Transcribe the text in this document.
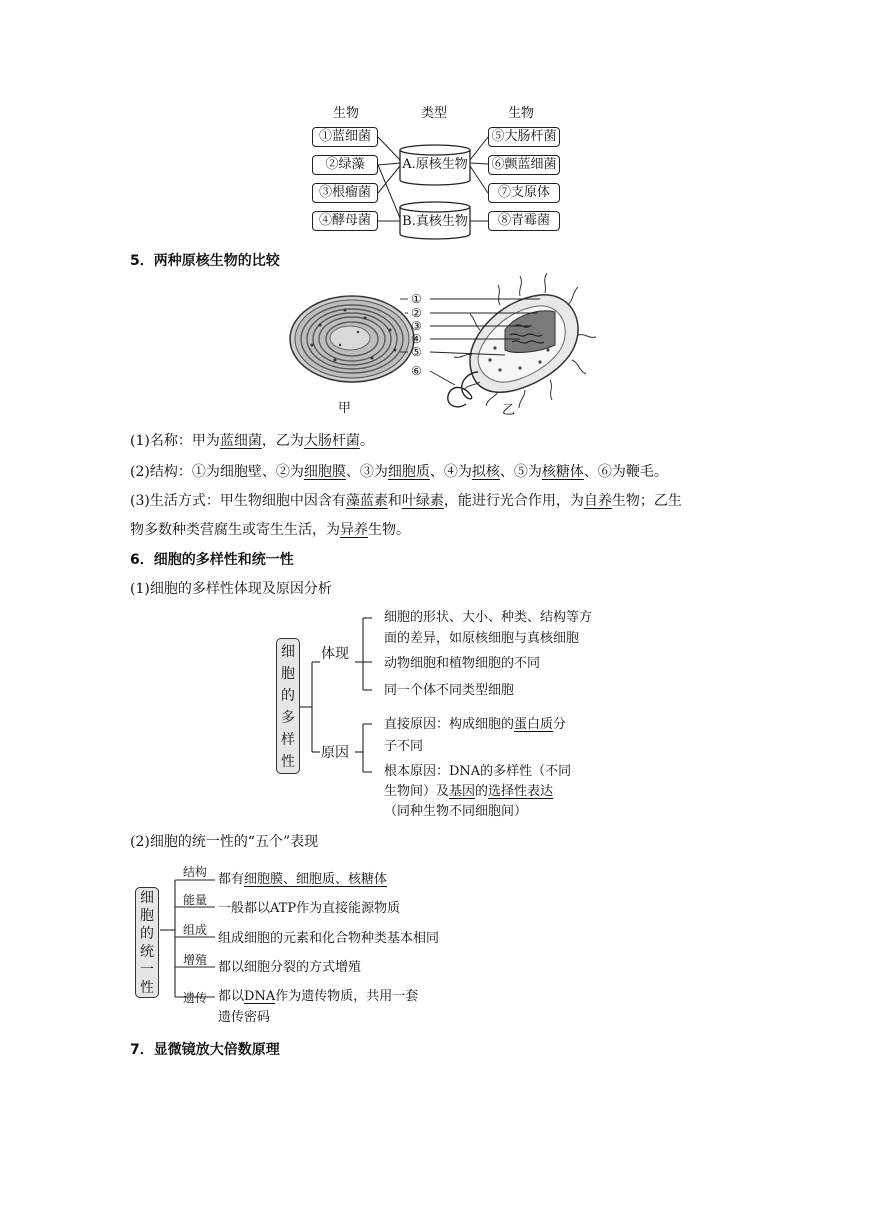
生物	类型	生物
①蓝细菌
②绿藻
③根瘤菌
④酵母菌
A.原核生物
B.真核生物
⑤大肠杆菌
⑥颤蓝细菌
⑦支原体
⑧青霉菌
5．两种原核生物的比较
①
②
③
④
⑤
⑥
甲	乙
(1)名称：甲为蓝细菌，乙为大肠杆菌。
(2)结构：①为细胞壁、②为细胞膜、③为细胞质、④为拟核、⑤为核糖体、⑥为鞭毛。
(3)生活方式：甲生物细胞中因含有藻蓝素和叶绿素，能进行光合作用，为自养生物；乙生
物多数种类营腐生或寄生生活，为异养生物。
6．细胞的多样性和统一性
(1)细胞的多样性体现及原因分析
细
胞
的
多
样
性
体现
原因
细胞的形状、大小、种类、结构等方
面的差异，如原核细胞与真核细胞
动物细胞和植物细胞的不同
同一个体不同类型细胞
直接原因：构成细胞的蛋白质分
子不同
根本原因：DNA的多样性（不同
生物间）及基因的选择性表达
（同种生物不同细胞间）
(2)细胞的统一性的“五个”表现
细
胞
的
统
一
性
结构 都有细胞膜、细胞质、核糖体
能量
一般都以ATP作为直接能源物质
组成
组成细胞的元素和化合物种类基本相同
增殖 都以细胞分裂的方式增殖
遗传 都以DNA作为遗传物质，共用一套
遗传密码
7．显微镜放大倍数原理
